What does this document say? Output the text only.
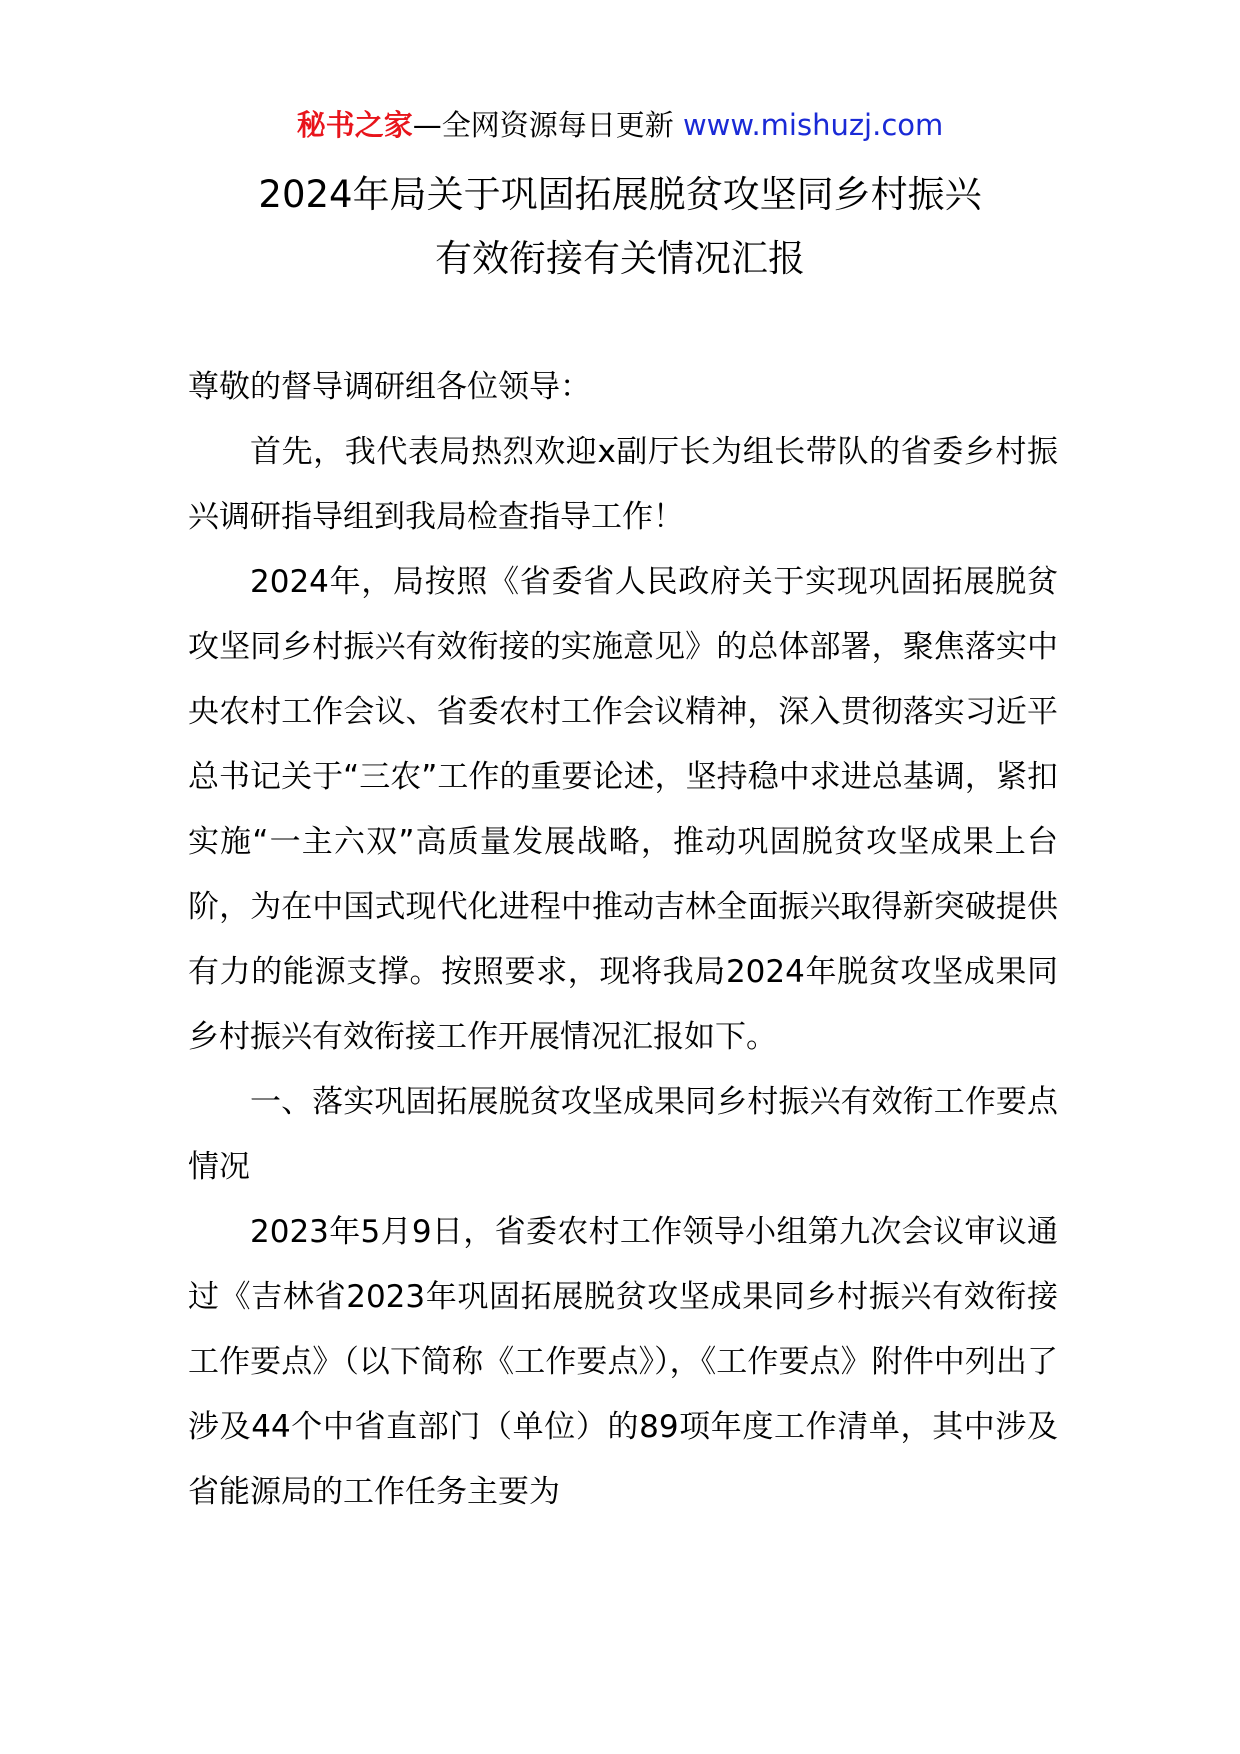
秘书之家—全网资源每日更新 www.mishuzj.com
2024年局关于巩固拓展脱贫攻坚同乡村振兴
有效衔接有关情况汇报

尊敬的督导调研组各位领导：

首先，我代表局热烈欢迎x副厅长为组长带队的省委乡村振兴调研指导组到我局检查指导工作！

2024年，局按照《省委省人民政府关于实现巩固拓展脱贫攻坚同乡村振兴有效衔接的实施意见》的总体部署，聚焦落实中央农村工作会议、省委农村工作会议精神，深入贯彻落实习近平总书记关于“三农”工作的重要论述，坚持稳中求进总基调，紧扣实施“一主六双”高质量发展战略，推动巩固脱贫攻坚成果上台阶，为在中国式现代化进程中推动吉林全面振兴取得新突破提供有力的能源支撑。按照要求，现将我局2024年脱贫攻坚成果同乡村振兴有效衔接工作开展情况汇报如下。

一、落实巩固拓展脱贫攻坚成果同乡村振兴有效衔工作要点情况

2023年5月9日，省委农村工作领导小组第九次会议审议通过《吉林省2023年巩固拓展脱贫攻坚成果同乡村振兴有效衔接工作要点》（以下简称《工作要点》），《工作要点》附件中列出了涉及44个中省直部门（单位）的89项年度工作清单，其中涉及省能源局的工作任务主要为
